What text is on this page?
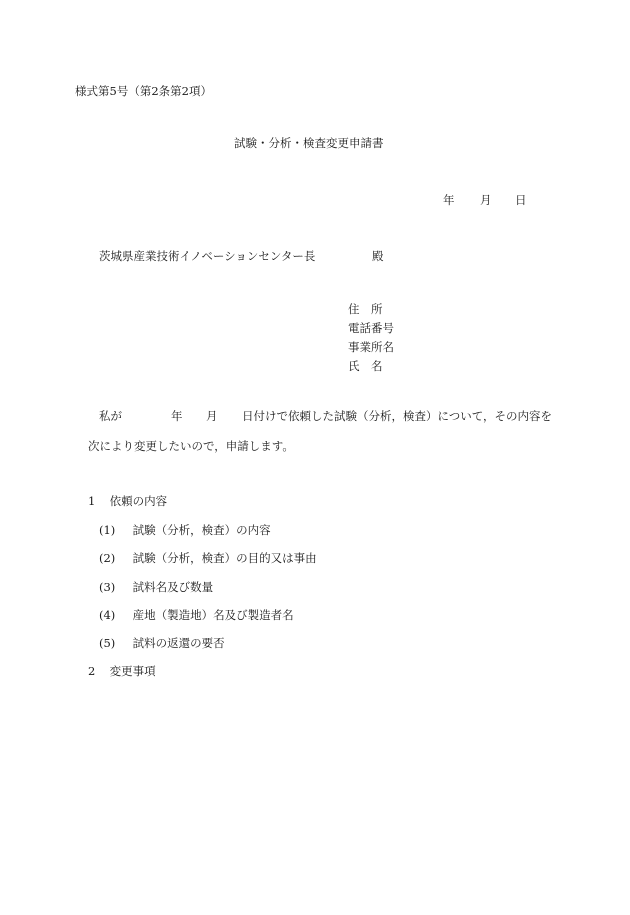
様式第5号（第2条第2項）
試験・分析・検査変更申請書
年 月 日
茨城県産業技術イノベーションセンター長	殿
住　所
電話番号
事業所名
氏　名
私が	年 月 日付けで依頼した試験（分析，検査）について，その内容を
次により変更したいので，申請します。
1 依頼の内容
(1) 試験（分析，検査）の内容
(2) 試験（分析，検査）の目的又は事由
(3) 試料名及び数量
(4) 産地（製造地）名及び製造者名
(5) 試料の返還の要否
2 変更事項
